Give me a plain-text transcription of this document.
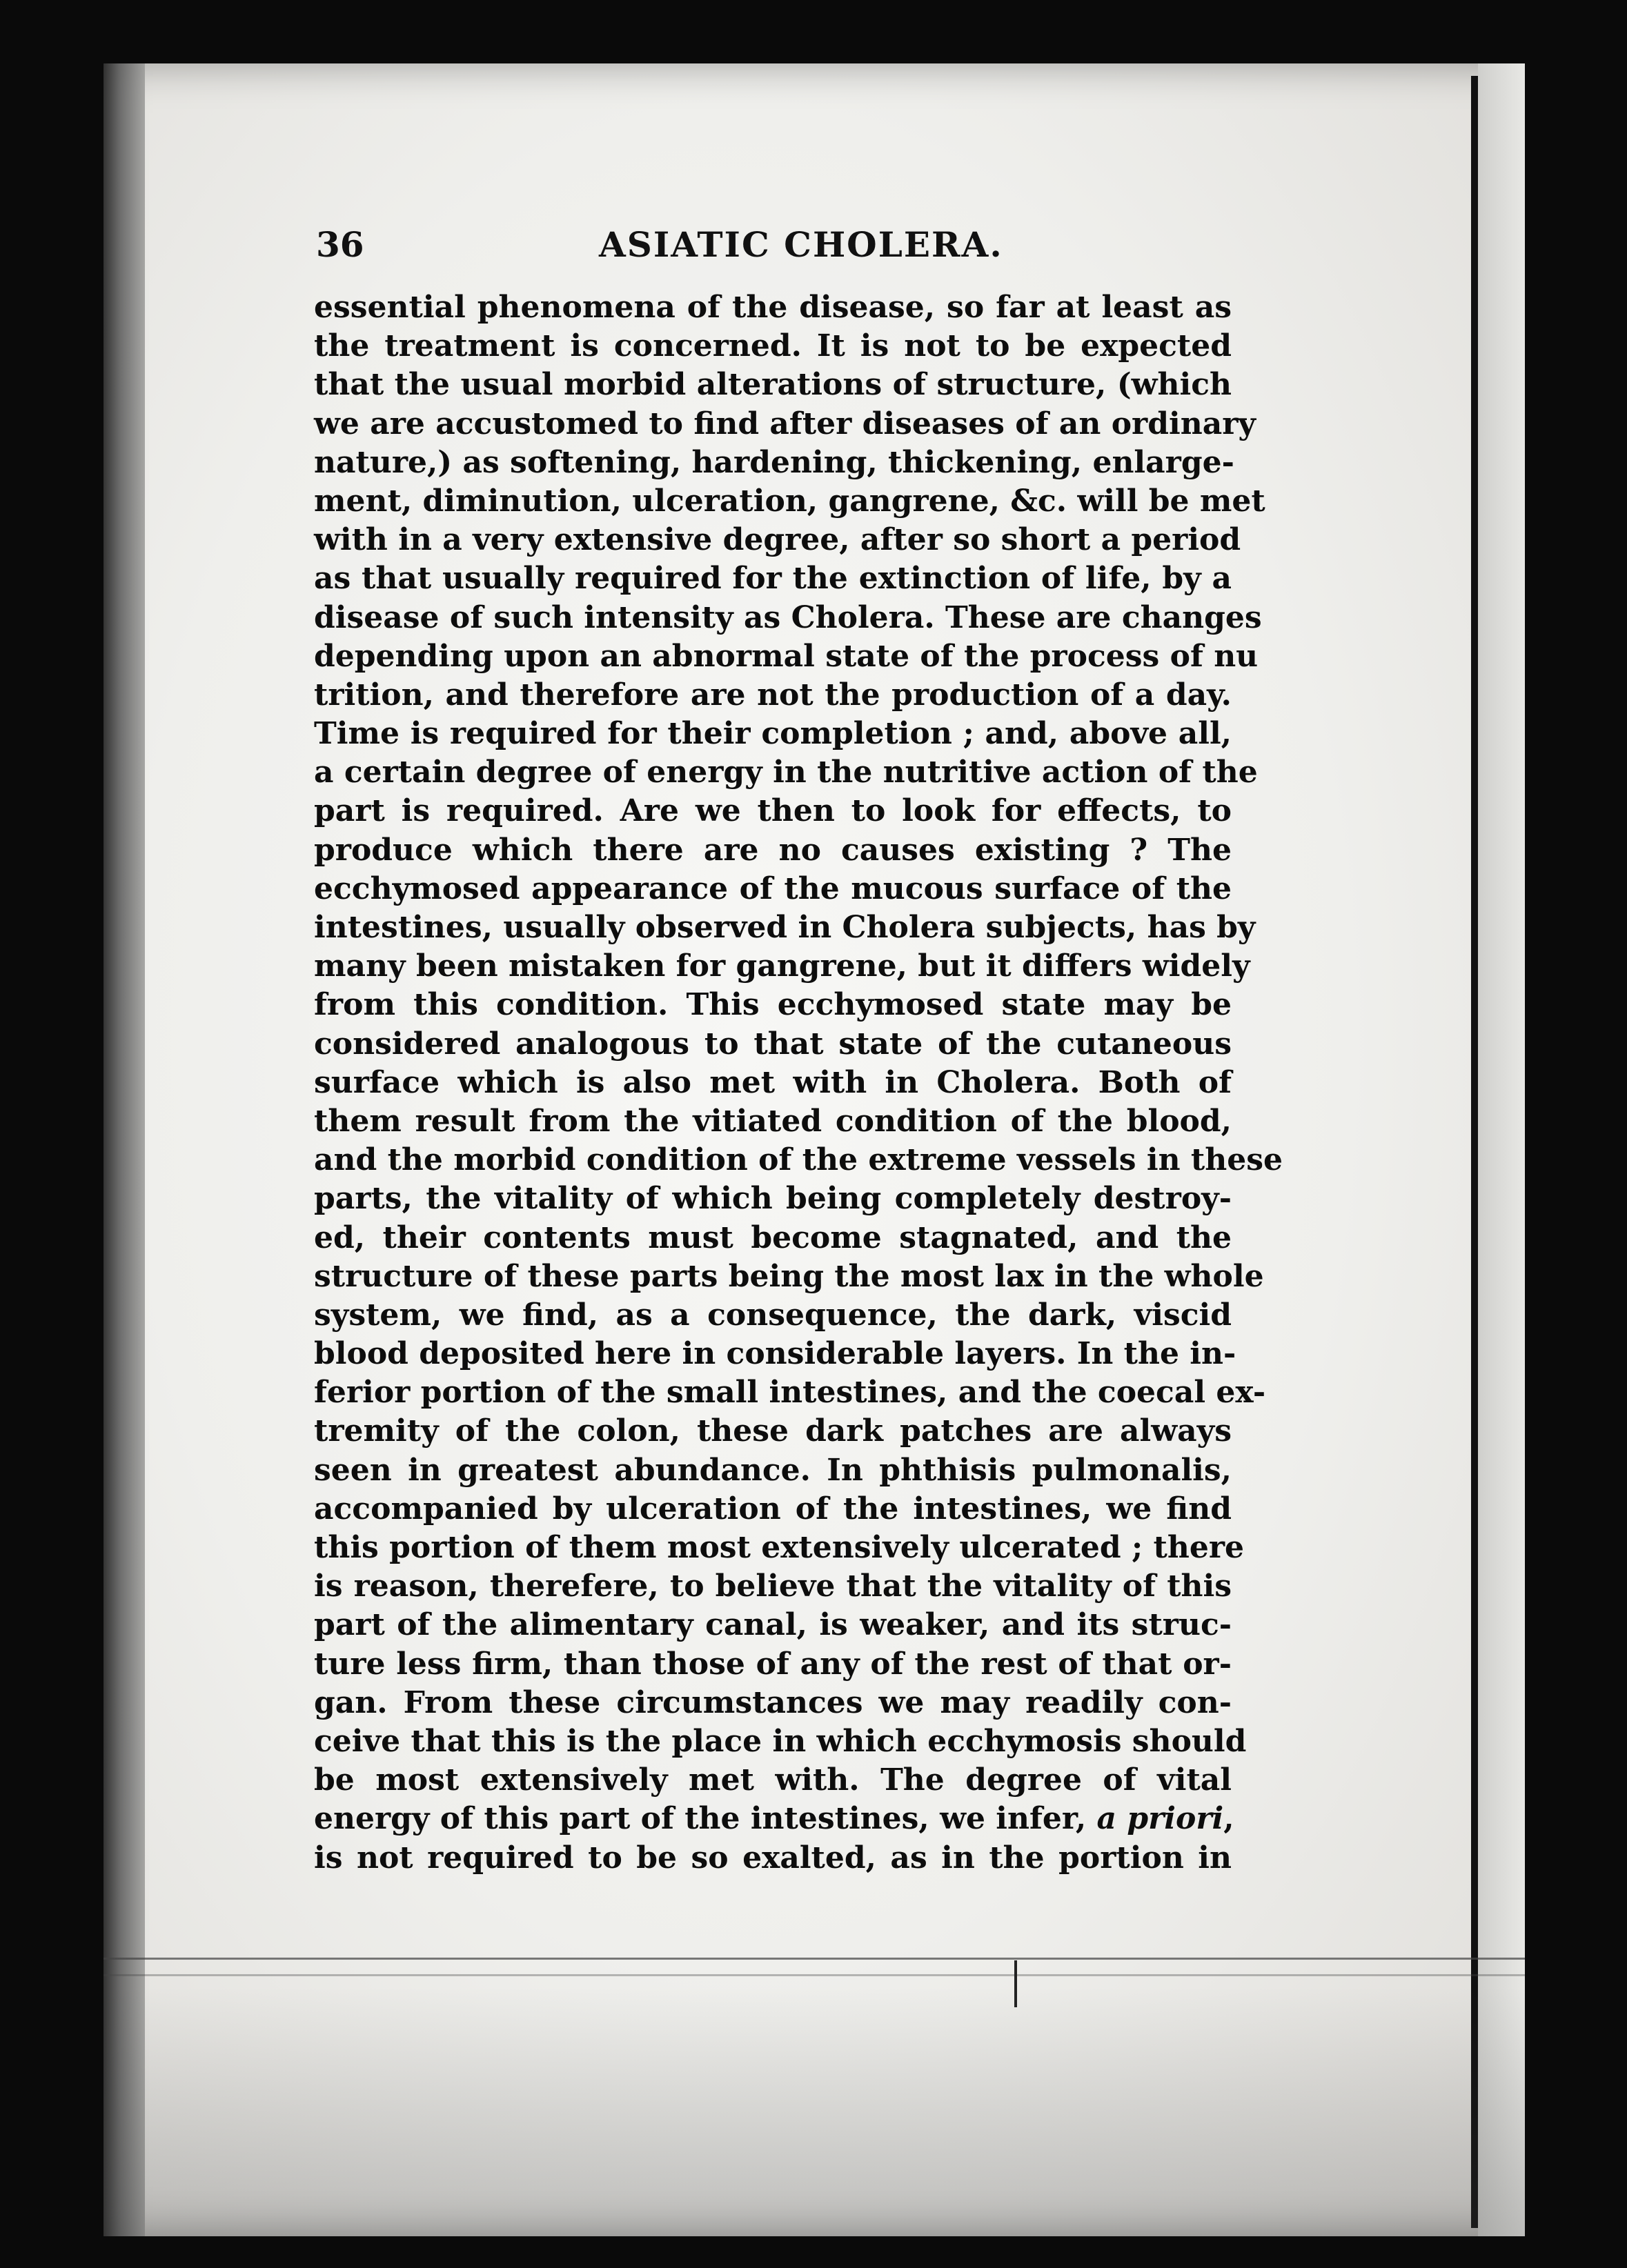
36	ASIATIC CHOLERA.
essential phenomena of the disease, so far at least as
the treatment is concerned. It is not to be expected
that the usual morbid alterations of structure, (which
we are accustomed to find after diseases of an ordinary
nature,) as softening, hardening, thickening, enlarge-
ment, diminution, ulceration, gangrene, &c. will be met
with in a very extensive degree, after so short a period
as that usually required for the extinction of life, by a
disease of such intensity as Cholera. These are changes
depending upon an abnormal state of the process of nu
trition, and therefore are not the production of a day.
Time is required for their completion ; and, above all,
a certain degree of energy in the nutritive action of the
part is required. Are we then to look for effects, to
produce which there are no causes existing ? The
ecchymosed appearance of the mucous surface of the
intestines, usually observed in Cholera subjects, has by
many been mistaken for gangrene, but it differs widely
from this condition. This ecchymosed state may be
considered analogous to that state of the cutaneous
surface which is also met with in Cholera. Both of
them result from the vitiated condition of the blood,
and the morbid condition of the extreme vessels in these
parts, the vitality of which being completely destroy-
ed, their contents must become stagnated, and the
structure of these parts being the most lax in the whole
system, we find, as a consequence, the dark, viscid
blood deposited here in considerable layers. In the in-
ferior portion of the small intestines, and the coecal ex-
tremity of the colon, these dark patches are always
seen in greatest abundance. In phthisis pulmonalis,
accompanied by ulceration of the intestines, we find
this portion of them most extensively ulcerated ; there
is reason, therefere, to believe that the vitality of this
part of the alimentary canal, is weaker, and its struc-
ture less firm, than those of any of the rest of that or-
gan. From these circumstances we may readily con-
ceive that this is the place in which ecchymosis should
be most extensively met with. The degree of vital
energy of this part of the intestines, we infer, a priori,
is not required to be so exalted, as in the portion in
